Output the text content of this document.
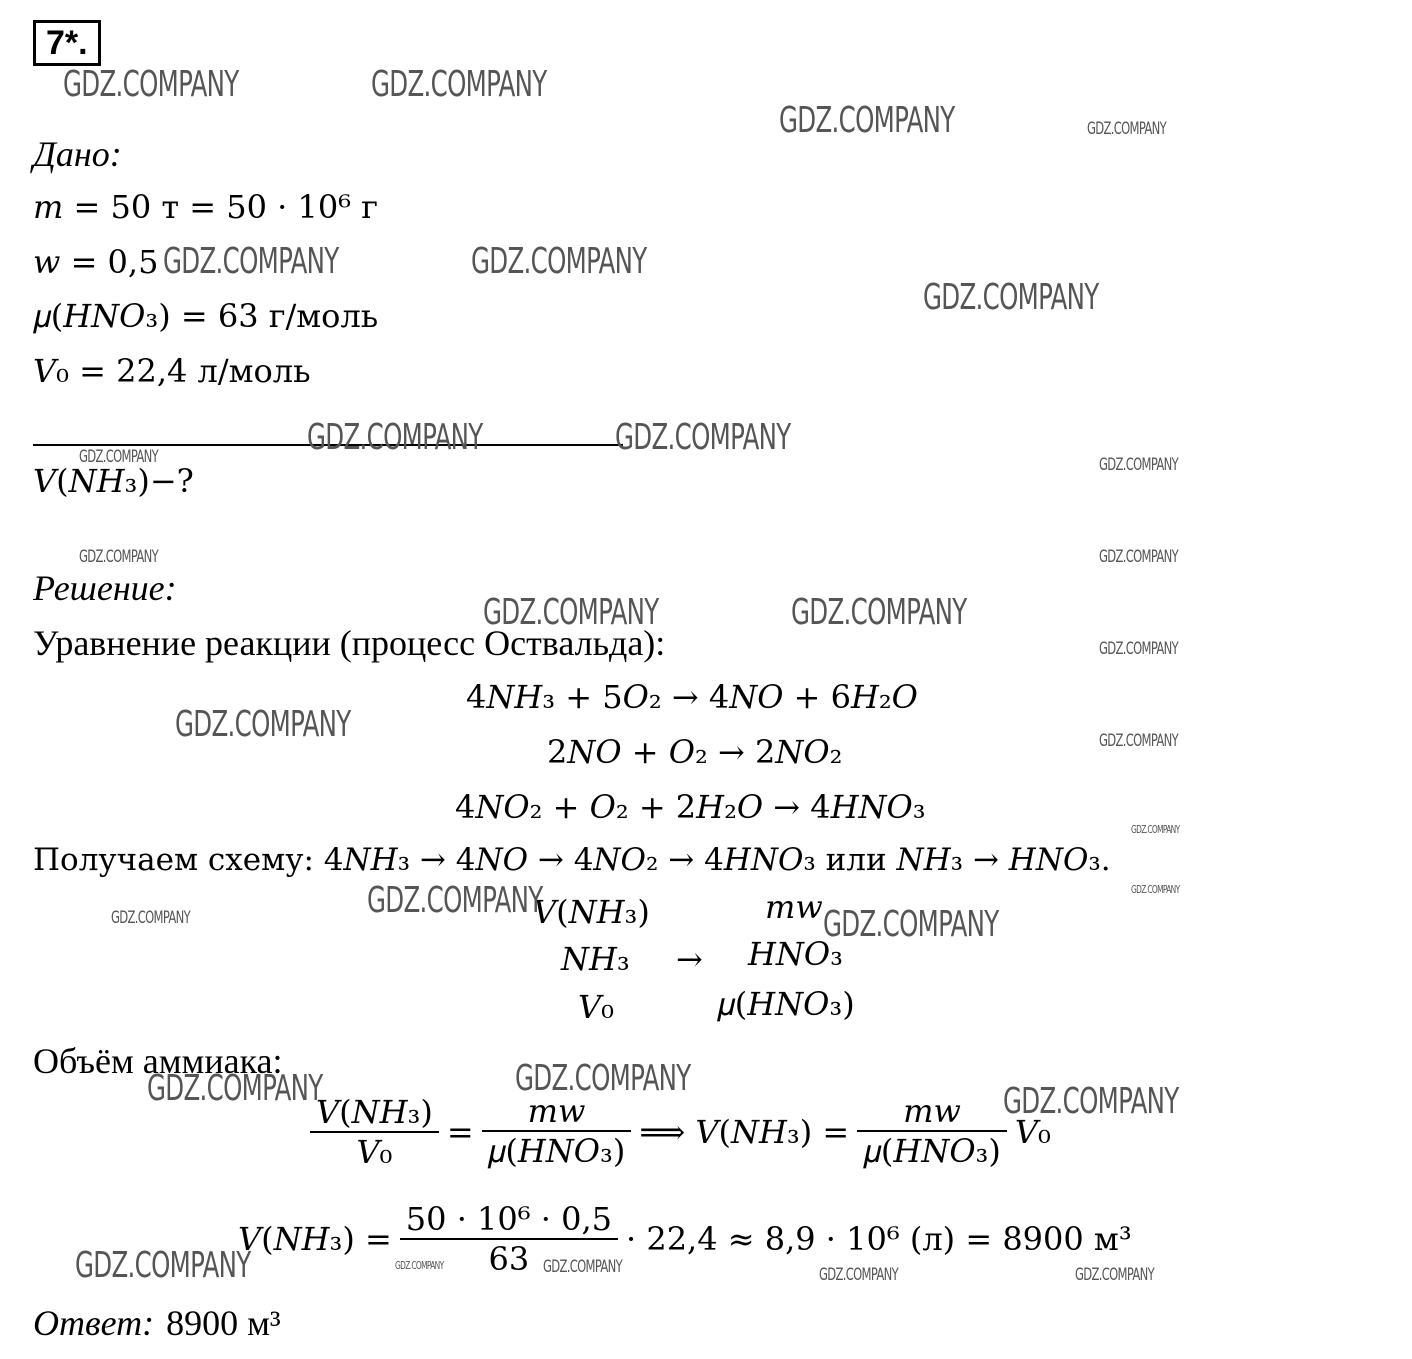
7*.
Дано:
𝑚 = 50 т = 50 · 10⁶ г
𝑤 = 0,5
𝜇(𝐻𝑁𝑂₃) = 63 г/моль
𝑉₀ = 22,4 л/моль
𝑉(𝑁𝐻₃)−?
Решение:
Уравнение реакции (процесс Оствальда):
4𝑁𝐻₃ + 5𝑂₂ → 4𝑁𝑂 + 6𝐻₂𝑂
2𝑁𝑂 + 𝑂₂ → 2𝑁𝑂₂
4𝑁𝑂₂ + 𝑂₂ + 2𝐻₂𝑂 → 4𝐻𝑁𝑂₃
Получаем схему: 4𝑁𝐻₃ → 4𝑁𝑂 → 4𝑁𝑂₂ → 4𝐻𝑁𝑂₃ или 𝑁𝐻₃ → 𝐻𝑁𝑂₃.
𝑉(𝑁𝐻₃)
𝑁𝐻₃
𝑉₀
→
𝑚𝑤
𝐻𝑁𝑂₃
𝜇(𝐻𝑁𝑂₃)
Объём аммиака:
$\frac{\text{𝑉(𝑁𝐻₃)}}{\text{𝑉₀}} = \frac{\text{𝑚𝑤}}{\text{𝜇(𝐻𝑁𝑂₃)}}$ ⟹ 𝑉(𝑁𝐻₃) = $\frac{\text{𝑚𝑤}}{\text{𝜇(𝐻𝑁𝑂₃)}}$ 𝑉₀
𝑉(𝑁𝐻₃) = $\frac{\text{50 · 10⁶ · 0,5}}{63} \cdot 22,4 \approx 8,9 \cdot 10^6$ (л) = 8900 м³
Ответ: 8900 м³
GDZ.COMPANY	GDZ.COMPANY
GDZ.COMPANY	GDZ.COMPANY
GDZ.COMPANY	GDZ.COMPANY
GDZ.COMPANY
GDZ.COMPANY	GDZ.COMPANY
GDZ.COMPANY	GDZ.COMPANY
GDZ.COMPANY	GDZ.COMPANY
GDZ.COMPANY	GDZ.COMPANY
GDZ.COMPANY
GDZ.COMPANY	GDZ.COMPANY
GDZ.COMPANY
GDZ.COMPANY
GDZ.COMPANY
GDZ.COMPANY	GDZ.COMPANY
GDZ.COMPANY
GDZ.COMPANY	GDZ.COMPANY
GDZ.COMPANY	GDZ.COMPANY	GDZ.COMPANY	GDZ.COMPANY	GDZ.COMPANY
